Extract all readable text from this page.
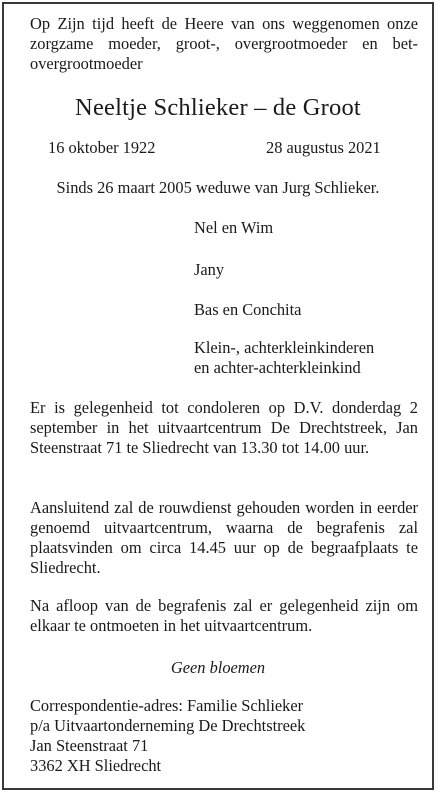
Op Zijn tijd heeft de Heere van ons weggenomen onze zorgzame moeder, groot-, overgrootmoeder en bet-overgrootmoeder

Neeltje Schlieker – de Groot
16 oktober 1922	28 augustus 2021
Sinds 26 maart 2005 weduwe van Jurg Schlieker.
Nel en Wim
Jany
Bas en Conchita
Klein-, achterkleinkinderen
en achter-achterkleinkind

Er is gelegenheid tot condoleren op D.V. donderdag 2 september in het uitvaartcentrum De Drechtstreek, Jan Steenstraat 71 te Sliedrecht van 13.30 tot 14.00 uur.

Aansluitend zal de rouwdienst gehouden worden in eerder genoemd uitvaartcentrum, waarna de begrafenis zal plaatsvinden om circa 14.45 uur op de begraafplaats te Sliedrecht.

Na afloop van de begrafenis zal er gelegenheid zijn om elkaar te ontmoeten in het uitvaartcentrum.

Geen bloemen
Correspondentie-adres: Familie Schlieker
p/a Uitvaartonderneming De Drechtstreek
Jan Steenstraat 71
3362 XH Sliedrecht
